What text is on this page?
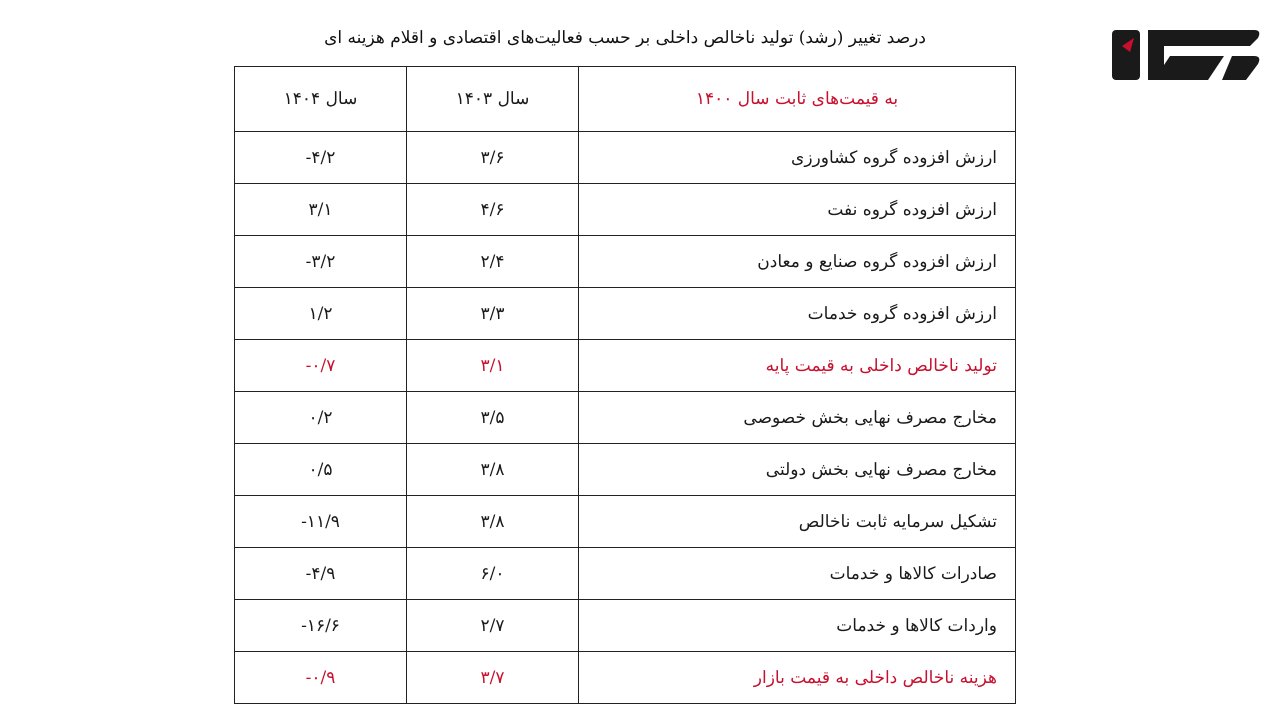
درصد تغییر (رشد) تولید ناخالص داخلی بر حسب فعالیت‌های اقتصادی و اقلام هزینه ای
به قیمت‌های ثابت سال ۱۴۰۰	سال ۱۴۰۳	سال ۱۴۰۴
ارزش افزوده گروه کشاورزی	۳/۶	-۴/۲
ارزش افزوده گروه نفت	۴/۶	۳/۱
ارزش افزوده گروه صنایع و معادن	۲/۴	-۳/۲
ارزش افزوده گروه خدمات	۳/۳	۱/۲
تولید ناخالص داخلی به قیمت پایه	۳/۱	-۰/۷
مخارج مصرف نهایی بخش خصوصی	۳/۵	۰/۲
مخارج مصرف نهایی بخش دولتی	۳/۸	۰/۵
تشکیل سرمایه ثابت ناخالص	۳/۸	-۱۱/۹
صادرات کالاها و خدمات	۶/۰	-۴/۹
واردات کالاها و خدمات	۲/۷	-۱۶/۶
هزینه ناخالص داخلی به قیمت بازار	۳/۷	-۰/۹
